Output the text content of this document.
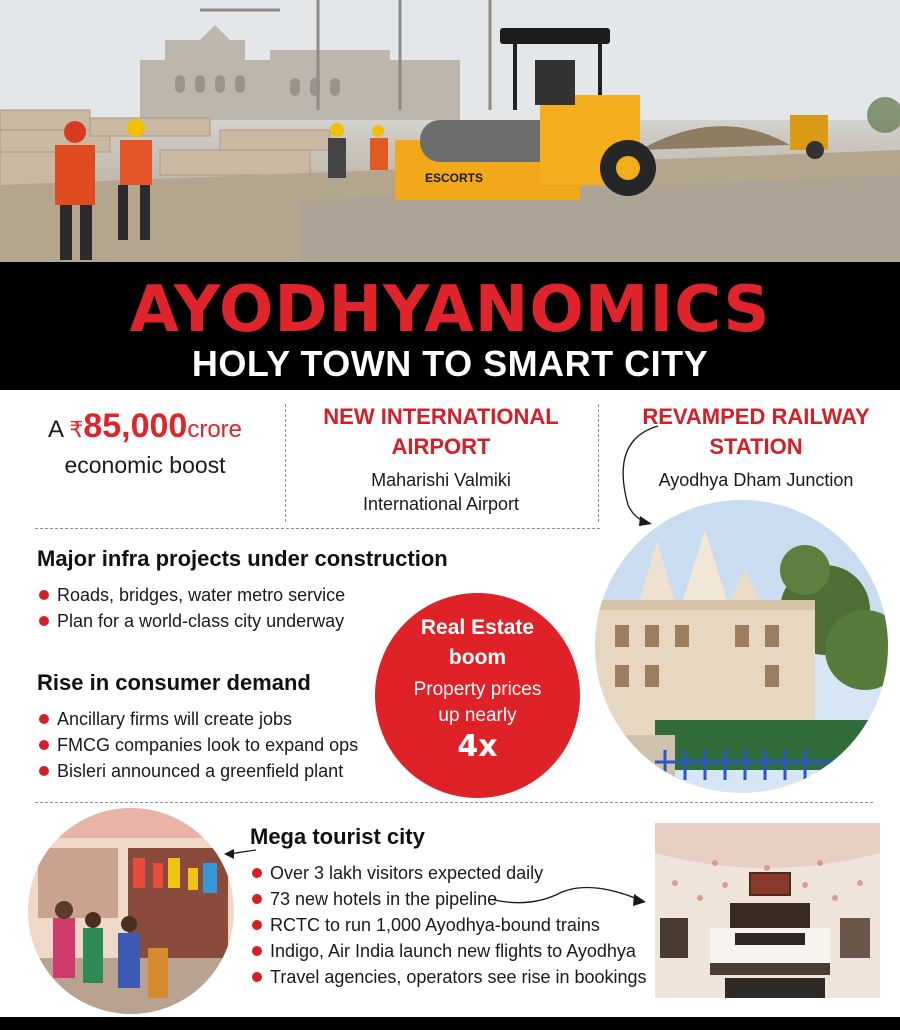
ESCORTS
AYODHYANOMICS
HOLY TOWN TO SMART CITY
A ₹85,000crore
economic boost
NEW INTERNATIONAL
AIRPORT
Maharishi Valmiki
International Airport
REVAMPED RAILWAY
STATION
Ayodhya Dham Junction
Major infra projects under construction
Roads, bridges, water metro service
Plan for a world-class city underway
Rise in consumer demand
Ancillary firms will create jobs
FMCG companies look to expand ops
Bisleri announced a greenfield plant
Real Estate
boom
Property prices
up nearly
4x
Mega tourist city
Over 3 lakh visitors expected daily
73 new hotels in the pipeline
RCTC to run 1,000 Ayodhya-bound trains
Indigo, Air India launch new flights to Ayodhya
Travel agencies, operators see rise in bookings
